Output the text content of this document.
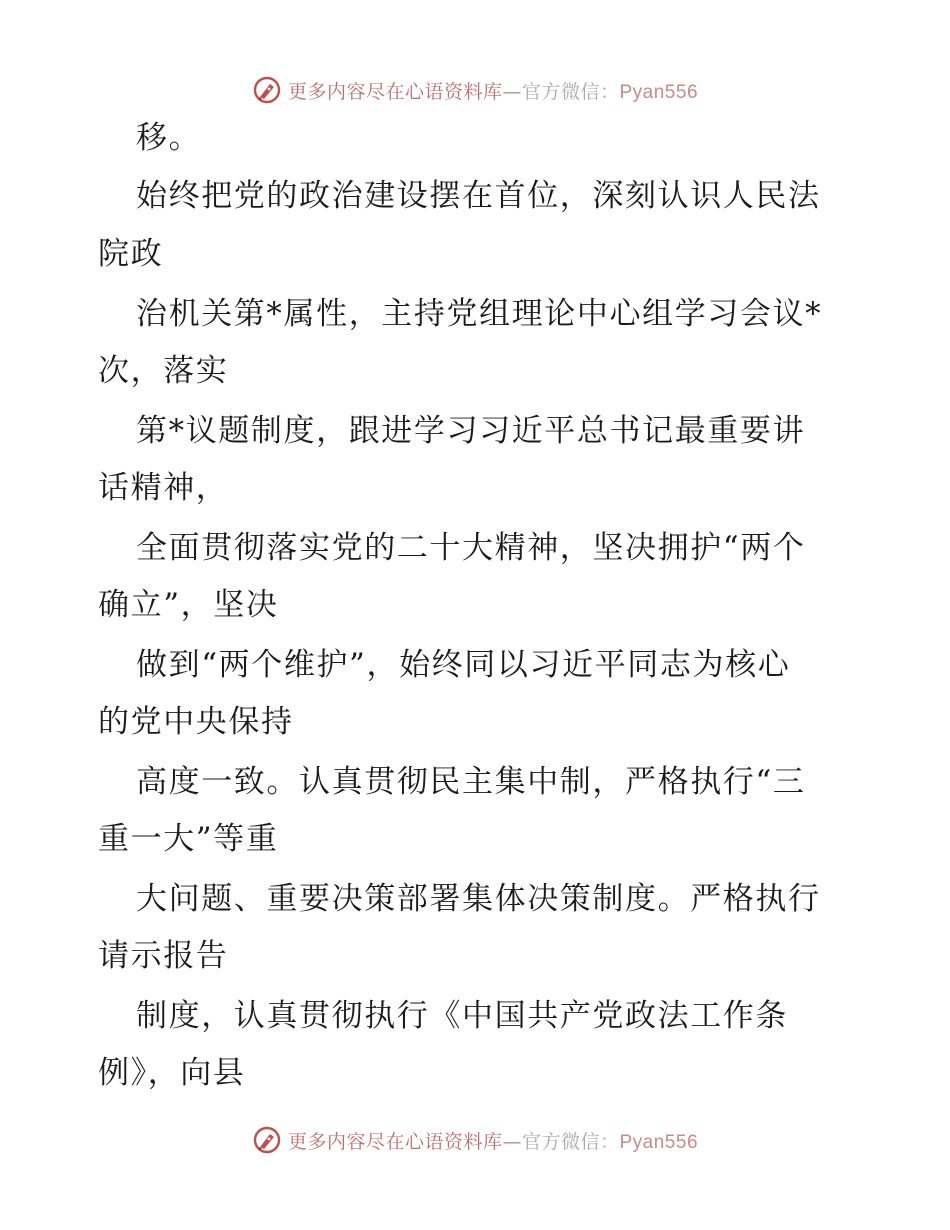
更多内容尽在心语资料库—官方微信：Pyan556
移。
始终把党的政治建设摆在首位，深刻认识人民法
院政
治机关第*属性，主持党组理论中心组学习会议*
次，落实
第*议题制度，跟进学习习近平总书记最重要讲
话精神，
全面贯彻落实党的二十大精神，坚决拥护“两个
确立”，坚决
做到“两个维护”，始终同以习近平同志为核心
的党中央保持
高度一致。认真贯彻民主集中制，严格执行“三
重一大”等重
大问题、重要决策部署集体决策制度。严格执行
请示报告
制度，认真贯彻执行《中国共产党政法工作条
例》，向县
更多内容尽在心语资料库—官方微信：Pyan556
